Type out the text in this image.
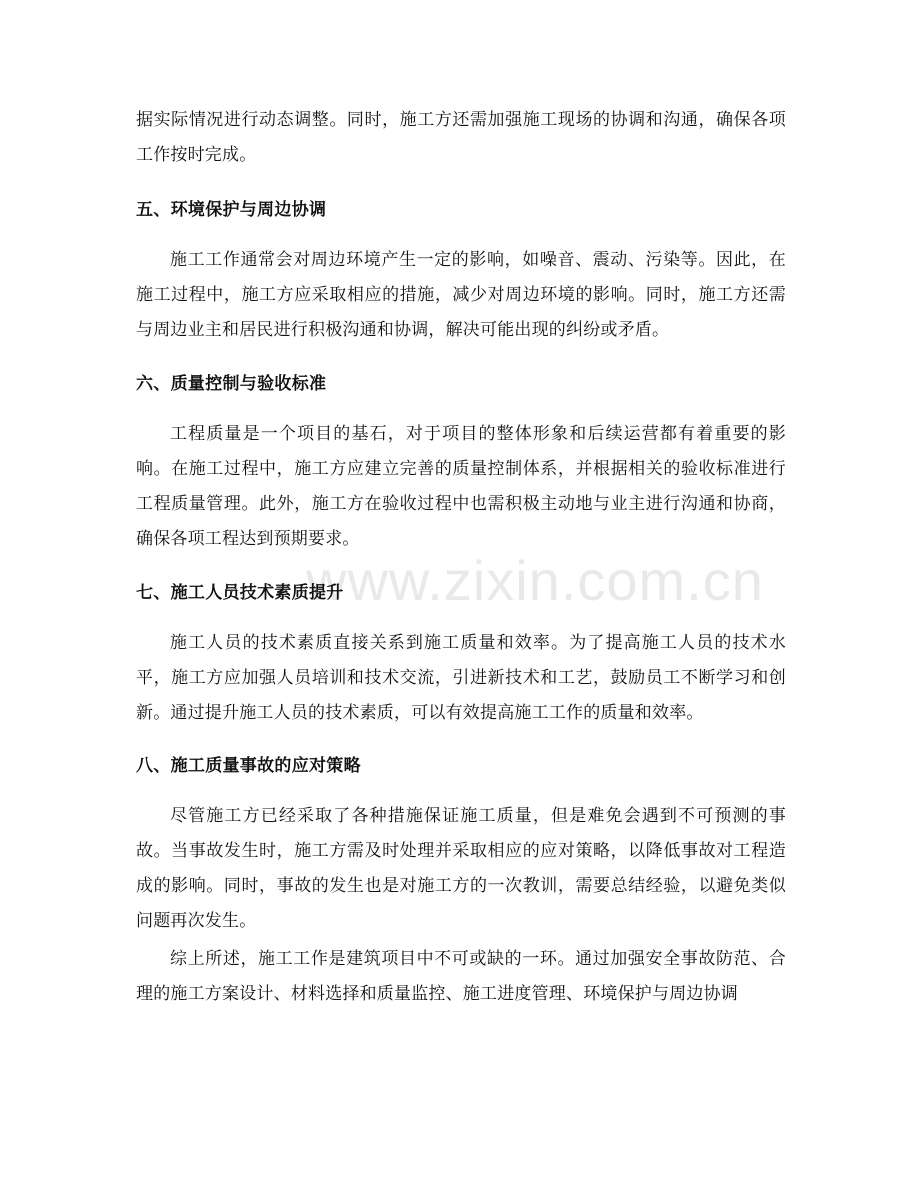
www.zixin.com.cn

据实际情况进行动态调整。同时，施工方还需加强施工现场的协调和沟通，确保各项工作按时完成。

五、环境保护与周边协调

施工工作通常会对周边环境产生一定的影响，如噪音、震动、污染等。因此，在施工过程中，施工方应采取相应的措施，减少对周边环境的影响。同时，施工方还需与周边业主和居民进行积极沟通和协调，解决可能出现的纠纷或矛盾。

六、质量控制与验收标准

工程质量是一个项目的基石，对于项目的整体形象和后续运营都有着重要的影响。在施工过程中，施工方应建立完善的质量控制体系，并根据相关的验收标准进行工程质量管理。此外，施工方在验收过程中也需积极主动地与业主进行沟通和协商，确保各项工程达到预期要求。

七、施工人员技术素质提升

施工人员的技术素质直接关系到施工质量和效率。为了提高施工人员的技术水平，施工方应加强人员培训和技术交流，引进新技术和工艺，鼓励员工不断学习和创新。通过提升施工人员的技术素质，可以有效提高施工工作的质量和效率。

八、施工质量事故的应对策略

尽管施工方已经采取了各种措施保证施工质量，但是难免会遇到不可预测的事故。当事故发生时，施工方需及时处理并采取相应的应对策略，以降低事故对工程造成的影响。同时，事故的发生也是对施工方的一次教训，需要总结经验，以避免类似问题再次发生。

综上所述，施工工作是建筑项目中不可或缺的一环。通过加强安全事故防范、合理的施工方案设计、材料选择和质量监控、施工进度管理、环境保护与周边协调
